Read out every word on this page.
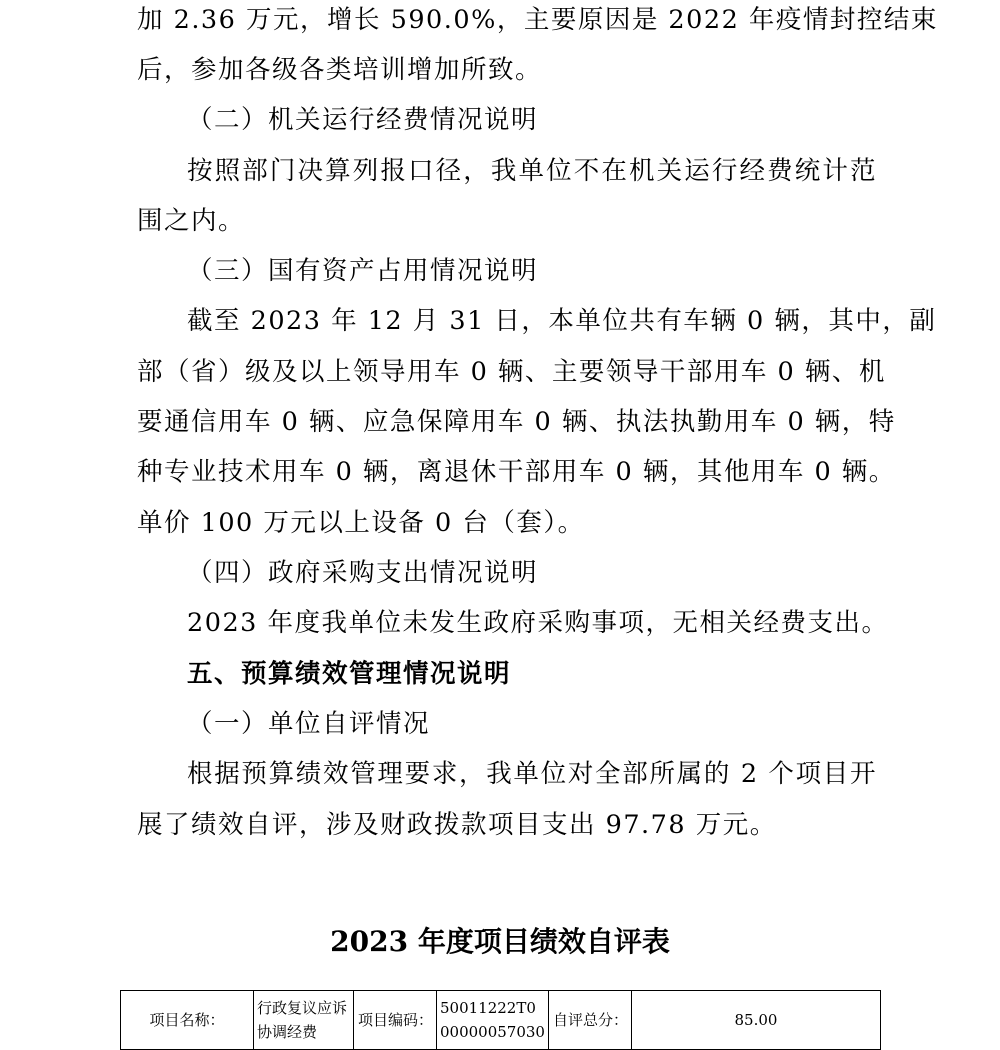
加 2.36 万元，增长 590.0%，主要原因是 2022 年疫情封控结束
后，参加各级各类培训增加所致。
（二）机关运行经费情况说明
按照部门决算列报口径，我单位不在机关运行经费统计范
围之内。
（三）国有资产占用情况说明
截至 2023 年 12 月 31 日，本单位共有车辆 0 辆，其中，副
部（省）级及以上领导用车 0 辆、主要领导干部用车 0 辆、机
要通信用车 0 辆、应急保障用车 0 辆、执法执勤用车 0 辆，特
种专业技术用车 0 辆，离退休干部用车 0 辆，其他用车 0 辆。
单价 100 万元以上设备 0 台（套）。
（四）政府采购支出情况说明
2023 年度我单位未发生政府采购事项，无相关经费支出。
五、预算绩效管理情况说明
（一）单位自评情况
根据预算绩效管理要求，我单位对全部所属的 2 个项目开
展了绩效自评，涉及财政拨款项目支出 97.78 万元。
2023 年度项目绩效自评表
项目名称：	行政复议应诉协调经费	项目编码：	50011222T000000057030	自评总分：	85.00
